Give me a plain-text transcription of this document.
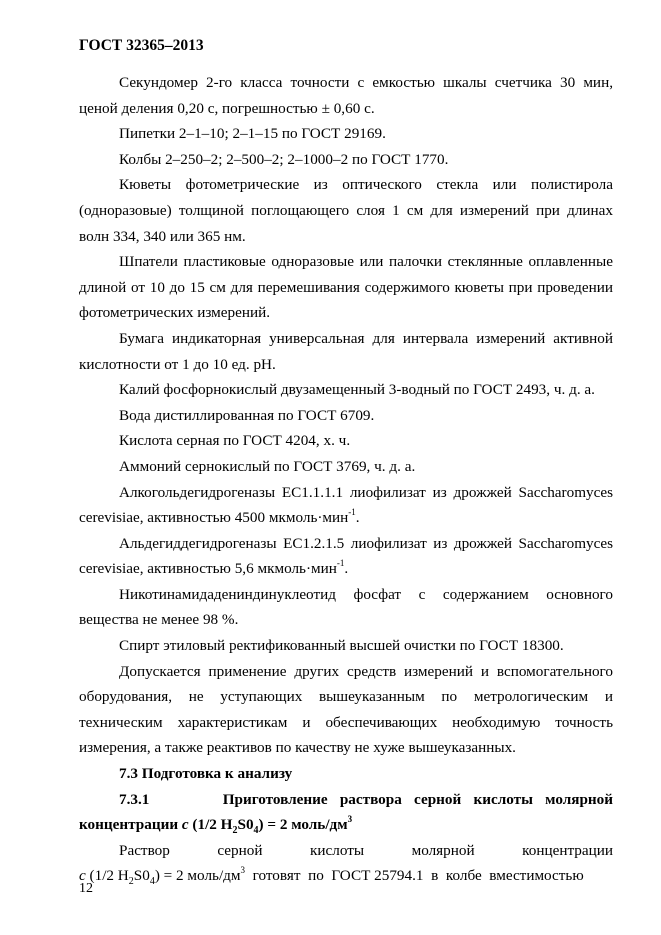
ГОСТ 32365–2013

Секундомер 2-го класса точности с емкостью шкалы счетчика 30 мин, ценой деления 0,20 с, погрешностью ± 0,60 с.

Пипетки 2–1–10; 2–1–15 по ГОСТ 29169.

Колбы 2–250–2; 2–500–2; 2–1000–2 по ГОСТ 1770.

Кюветы фотометрические из оптического стекла или полистирола (одноразовые) толщиной поглощающего слоя 1 см для измерений при длинах волн 334, 340 или 365 нм.

Шпатели пластиковые одноразовые или палочки стеклянные оплавленные длиной от 10 до 15 см для перемешивания содержимого кюветы при проведении фотометрических измерений.

Бумага индикаторная универсальная для интервала измерений активной кислотности от 1 до 10 ед. рН.

Калий фосфорнокислый двузамещенный 3-водный по ГОСТ 2493, ч. д. а.

Вода дистиллированная по ГОСТ 6709.

Кислота серная по ГОСТ 4204, х. ч.

Аммоний сернокислый по ГОСТ 3769, ч. д. а.

Алкогольдегидрогеназы ЕС1.1.1.1 лиофилизат из дрожжей Saccharomyces cerevisiae, активностью 4500 мкмоль·мин$^{-1}$.

Альдегиддегидрогеназы ЕС1.2.1.5 лиофилизат из дрожжей Saccharomyces cerevisiae, активностью 5,6 мкмоль·мин$^{-1}$.

Никотинамидадениндинуклеотид фосфат с содержанием основного вещества не менее 98 %.

Спирт этиловый ректификованный высшей очистки по ГОСТ 18300.

Допускается применение других средств измерений и вспомогательного оборудования, не уступающих вышеуказанным по метрологическим и техническим характеристикам и обеспечивающих необходимую точность измерения, а также реактивов по качеству не хуже вышеуказанных.

7.3 Подготовка к анализу

7.3.1	Приготовление раствора серной кислоты молярной концентрации c (1/2 $H_2S0_4) = 2$ моль/$дм^3$

Раствор серной кислоты молярной концентрации

c (1/2 $H_2S0_4) = 2$ моль/$дм^3$  готовят  по  ГОСТ 25794.1  в  колбе  вместимостью

12
